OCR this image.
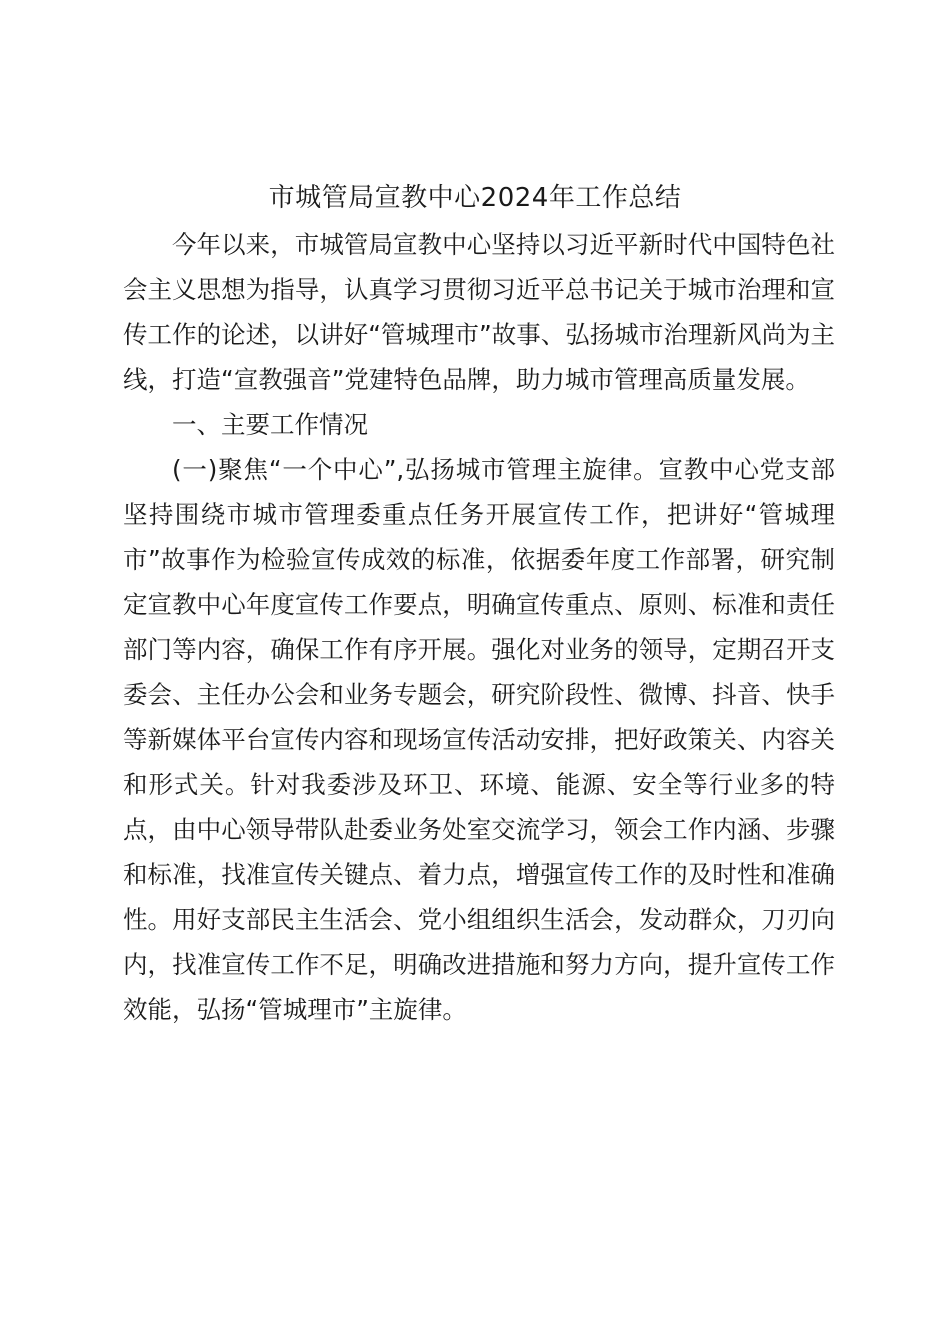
市城管局宣教中心2024年工作总结

今年以来，市城管局宣教中心坚持以习近平新时代中国特色社会主义思想为指导，认真学习贯彻习近平总书记关于城市治理和宣传工作的论述，以讲好“管城理市”故事、弘扬城市治理新风尚为主线，打造“宣教强音”党建特色品牌，助力城市管理高质量发展。

一、主要工作情况

(一)聚焦“一个中心”,弘扬城市管理主旋律。宣教中心党支部坚持围绕市城市管理委重点任务开展宣传工作，把讲好“管城理市”故事作为检验宣传成效的标准，依据委年度工作部署，研究制定宣教中心年度宣传工作要点，明确宣传重点、原则、标准和责任部门等内容，确保工作有序开展。强化对业务的领导，定期召开支委会、主任办公会和业务专题会，研究阶段性、微博、抖音、快手等新媒体平台宣传内容和现场宣传活动安排，把好政策关、内容关和形式关。针对我委涉及环卫、环境、能源、安全等行业多的特点，由中心领导带队赴委业务处室交流学习，领会工作内涵、步骤和标准，找准宣传关键点、着力点，增强宣传工作的及时性和准确性。用好支部民主生活会、党小组组织生活会，发动群众，刀刃向内，找准宣传工作不足，明确改进措施和努力方向，提升宣传工作效能，弘扬“管城理市”主旋律。
